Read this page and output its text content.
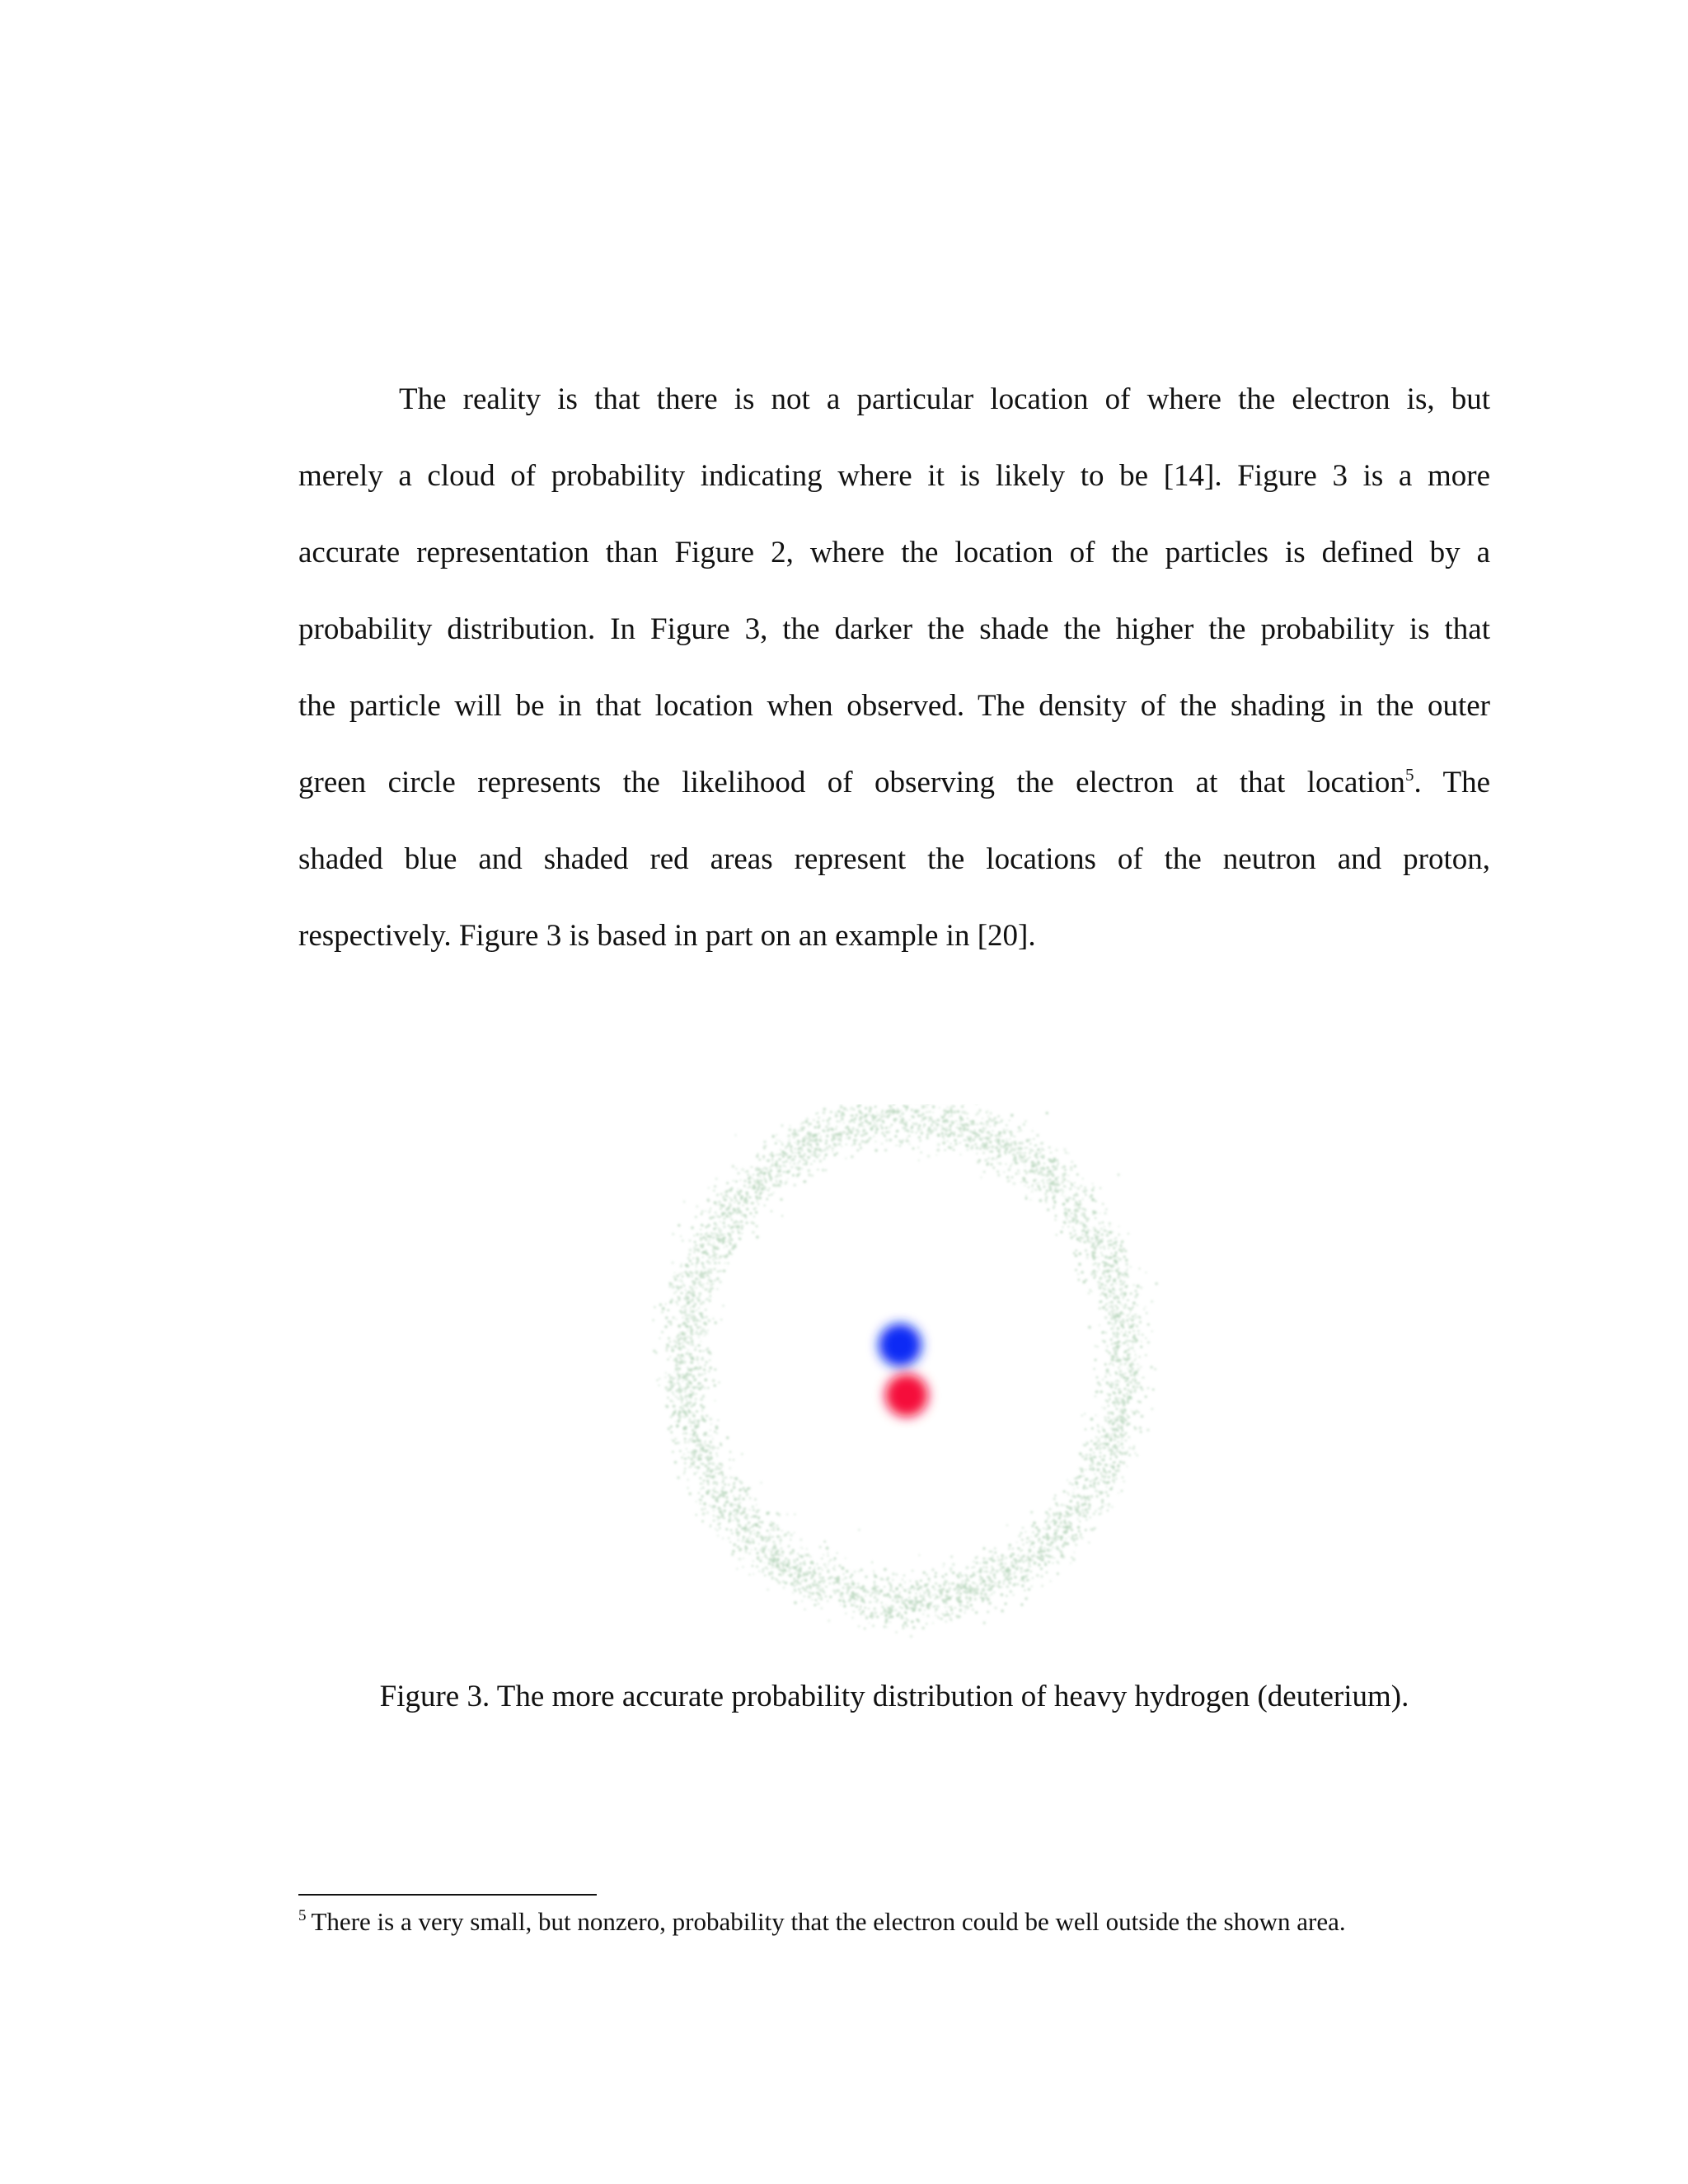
The reality is that there is not a particular location of where the electron is, but
merely a cloud of probability indicating where it is likely to be [14]. Figure 3 is a more
accurate representation than Figure 2, where the location of the particles is defined by a
probability distribution. In Figure 3, the darker the shade the higher the probability is that
the particle will be in that location when observed. The density of the shading in the outer
green circle represents the likelihood of observing the electron at that location$^5$. The
shaded blue and shaded red areas represent the locations of the neutron and proton,
respectively. Figure 3 is based in part on an example in [20].
Figure 3. The more accurate probability distribution of heavy hydrogen (deuterium).
$^5$ There is a very small, but nonzero, probability that the electron could be well outside the shown area.
